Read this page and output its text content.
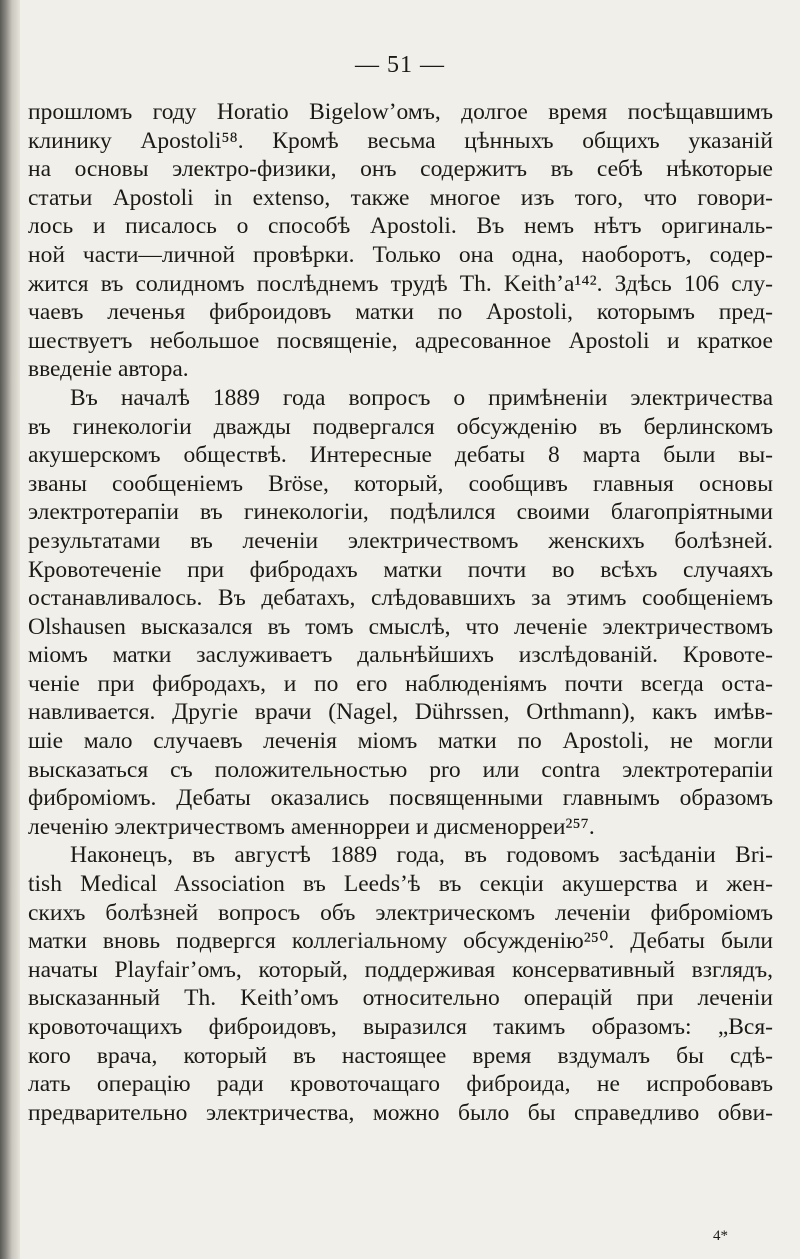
— 51 —
прошломъ году Horatio Bigelow’омъ, долгое время посѣщавшимъ
клинику Apostoli⁵⁸. Кромѣ весьма цѣнныхъ общихъ указаній
на основы электро-физики, онъ содержитъ въ себѣ нѣкоторые
статьи Apostoli in extenso, также многое изъ того, что говори-
лось и писалось о способѣ Apostoli. Въ немъ нѣтъ оригиналь-
ной части—личной провѣрки. Только она одна, наоборотъ, содер-
жится въ солидномъ послѣднемъ трудѣ Th. Keith’а¹⁴². Здѣсь 106 слу-
чаевъ леченья фиброидовъ матки по Apostoli, которымъ пред-
шествуетъ небольшое посвященіе, адресованное Apostoli и краткое
введеніе автора.
Въ началѣ 1889 года вопросъ о примѣненіи электричества
въ гинекологіи дважды подвергался обсужденію въ берлинскомъ
акушерскомъ обществѣ. Интересные дебаты 8 марта были вы-
званы сообщеніемъ Bröse, который, сообщивъ главныя основы
электротерапіи въ гинекологіи, подѣлился своими благопріятными
результатами въ леченіи электричествомъ женскихъ болѣзней.
Кровотеченіе при фибродахъ матки почти во всѣхъ случаяхъ
останавливалось. Въ дебатахъ, слѣдовавшихъ за этимъ сообщеніемъ
Olshausen высказался въ томъ смыслѣ, что леченіе электричествомъ
міомъ матки заслуживаетъ дальнѣйшихъ изслѣдованій. Кровоте-
ченіе при фибродахъ, и по его наблюденіямъ почти всегда оста-
навливается. Другіе врачи (Nagel, Dührssen, Orthmann), какъ имѣв-
шіе мало случаевъ леченія міомъ матки по Apostoli, не могли
высказаться съ положительностью pro или contra электротерапіи
фиброміомъ. Дебаты оказались посвященными главнымъ образомъ
леченію электричествомъ аменнорреи и дисменорреи²⁵⁷.
Наконецъ, въ августѣ 1889 года, въ годовомъ засѣданіи Bri-
tish Medical Association въ Leeds’ѣ въ секціи акушерства и жен-
скихъ болѣзней вопросъ объ электрическомъ леченіи фиброміомъ
матки вновь подвергся коллегіальному обсужденію²⁵⁰. Дебаты были
начаты Playfair’омъ, который, поддерживая консервативный взглядъ,
высказанный Th. Keith’омъ относительно операцій при леченіи
кровоточащихъ фиброидовъ, выразился такимъ образомъ: „Вся-
кого врача, который въ настоящее время вздумалъ бы сдѣ-
лать операцію ради кровоточащаго фиброида, не испробовавъ
предварительно электричества, можно было бы справедливо обви-
4*
